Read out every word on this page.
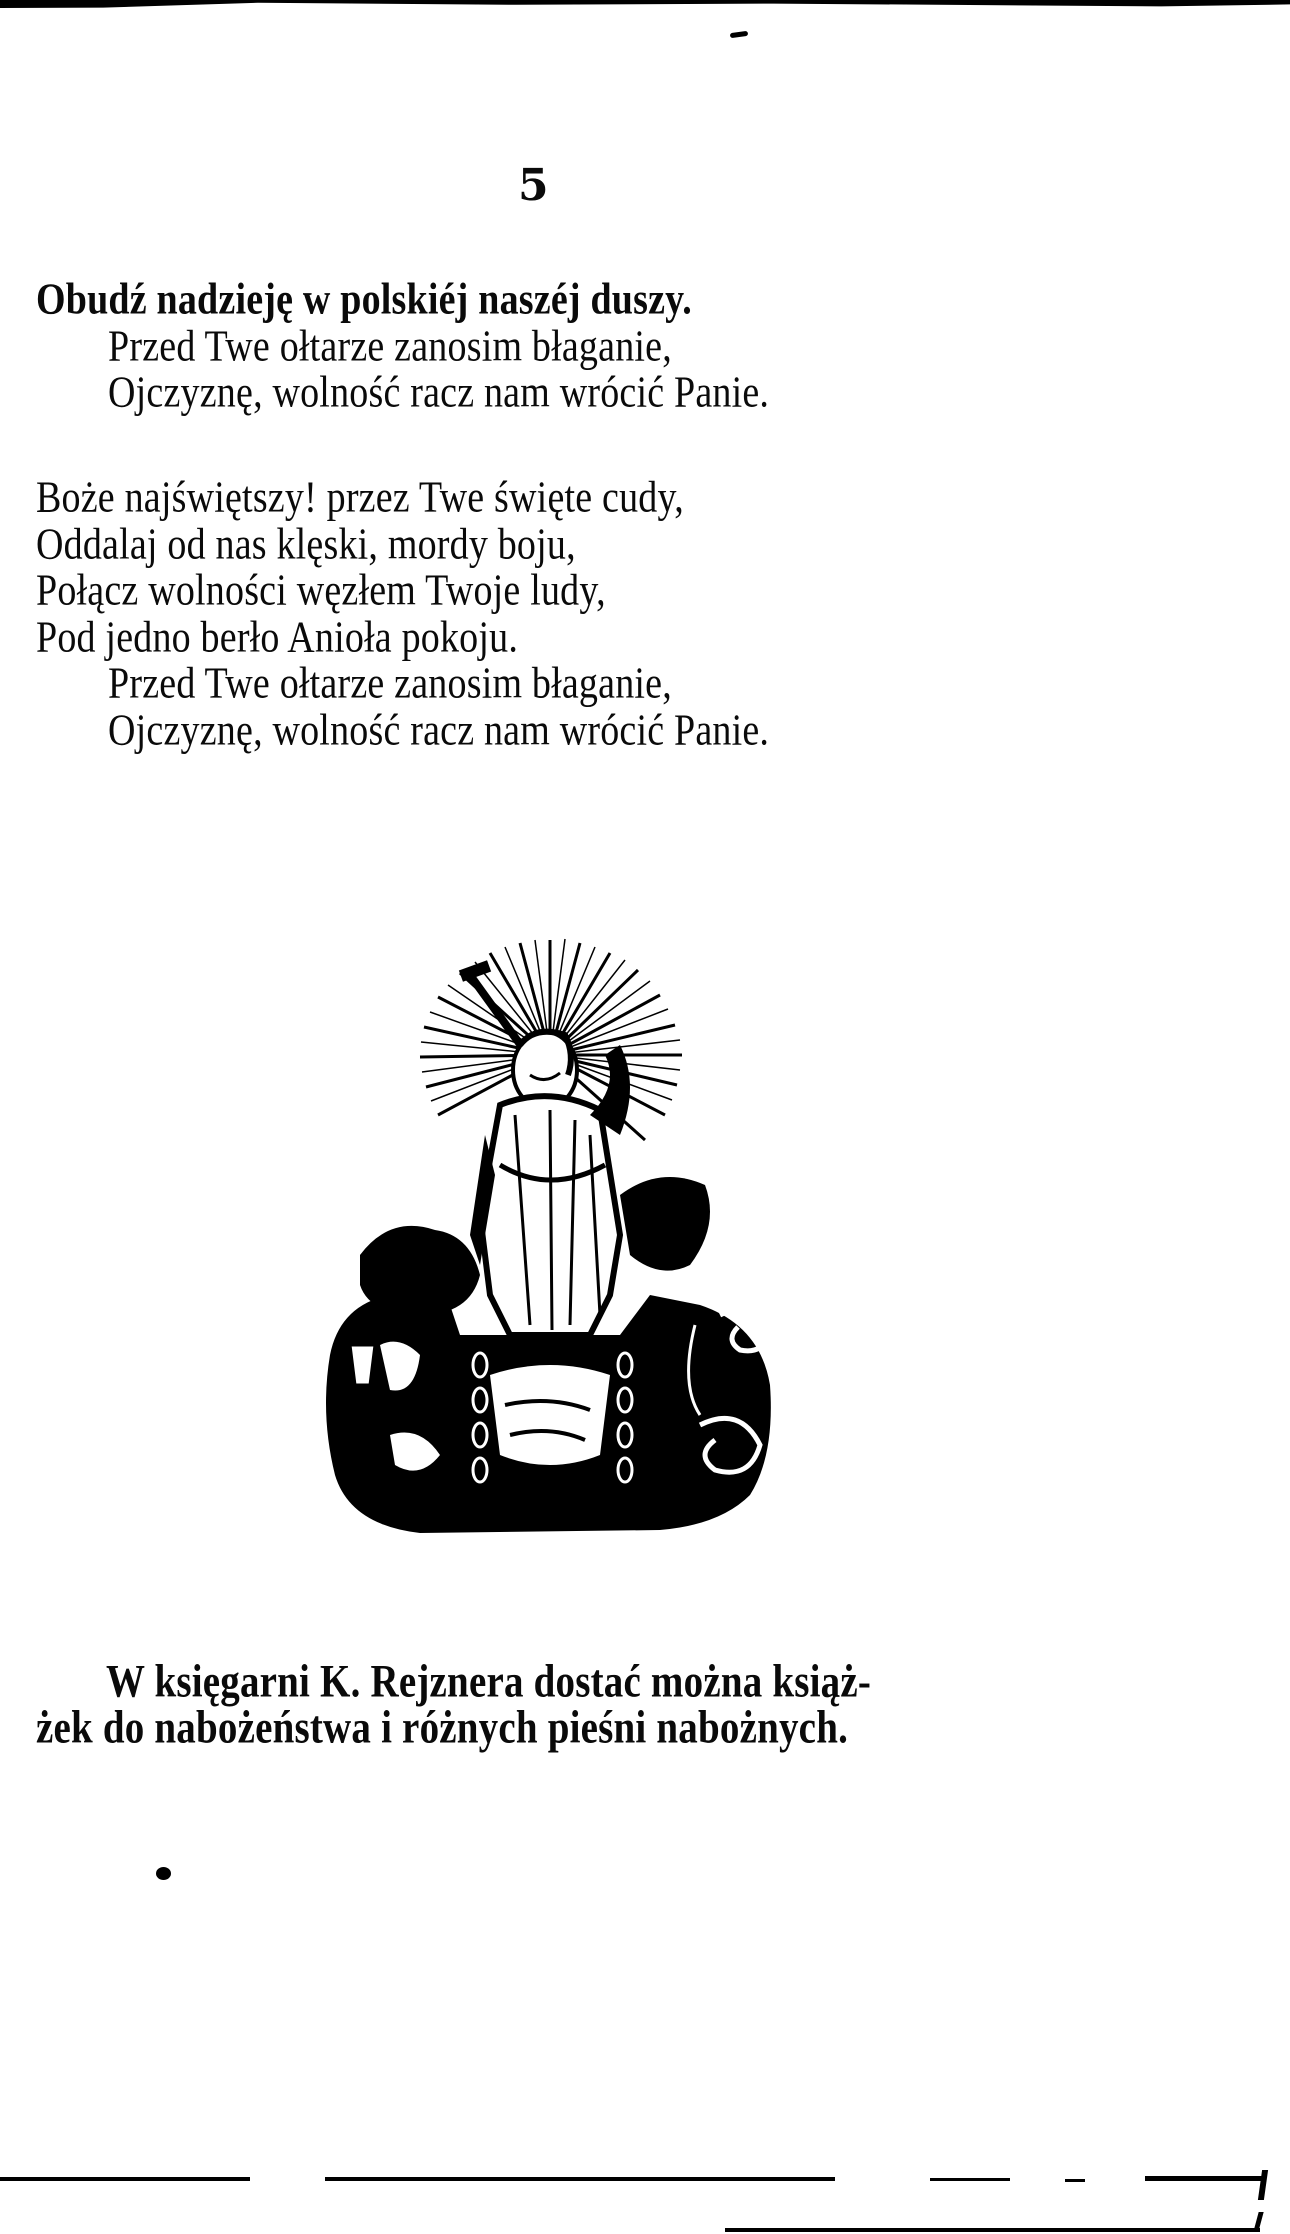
5
Obudź nadzieję w polskiéj naszéj duszy.
Przed Twe ołtarze zanosim błaganie,
Ojczyznę, wolność racz nam wrócić Panie.
Boże najświętszy! przez Twe święte cudy,
Oddalaj od nas klęski, mordy boju,
Połącz wolności węzłem Twoje ludy,
Pod jedno berło Anioła pokoju.
Przed Twe ołtarze zanosim błaganie,
Ojczyznę, wolność racz nam wrócić Panie.
W księgarni K. Rejznera dostać można książ-
żek do nabożeństwa i różnych pieśni nabożnych.
